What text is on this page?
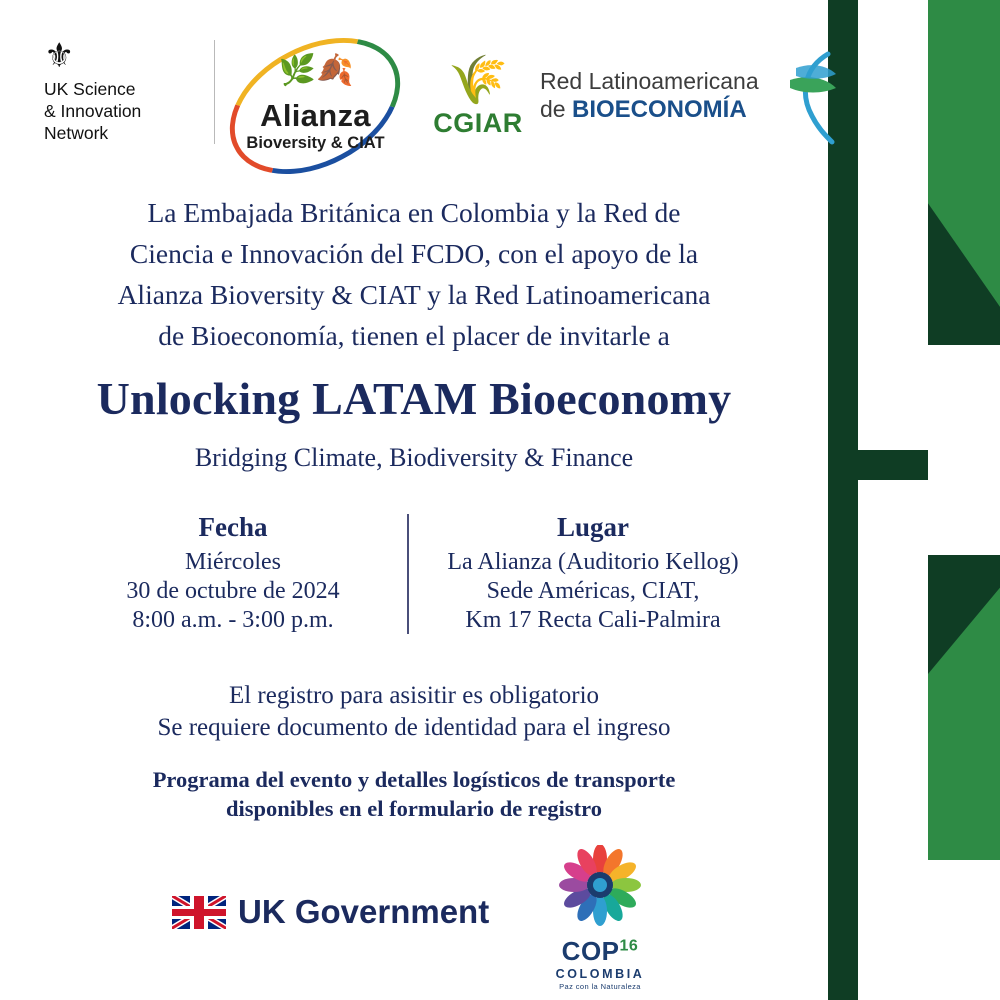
⚜
UK Science
& Innovation
Network
🌿🍂
Alianza
Bioversity & CIAT
🌾
CGIAR
Red Latinoamericana
de BIOECONOMÍA
La Embajada Británica en Colombia y la Red de
Ciencia e Innovación del FCDO, con el apoyo de la
Alianza Bioversity & CIAT y la Red Latinoamericana
de Bioeconomía, tienen el placer de invitarle a
Unlocking LATAM Bioeconomy
Bridging Climate, Biodiversity & Finance
Fecha
Miércoles
30 de octubre de 2024
8:00 a.m. - 3:00 p.m.
Lugar
La Alianza (Auditorio Kellog)
Sede Américas, CIAT,
Km 17 Recta Cali-Palmira
El registro para asisitir es obligatorio
Se requiere documento de identidad para el ingreso
Programa del evento y detalles logísticos de transporte
disponibles en el formulario de registro
UK Government
COP$^{16}$
COLOMBIA
Paz con la Naturaleza
